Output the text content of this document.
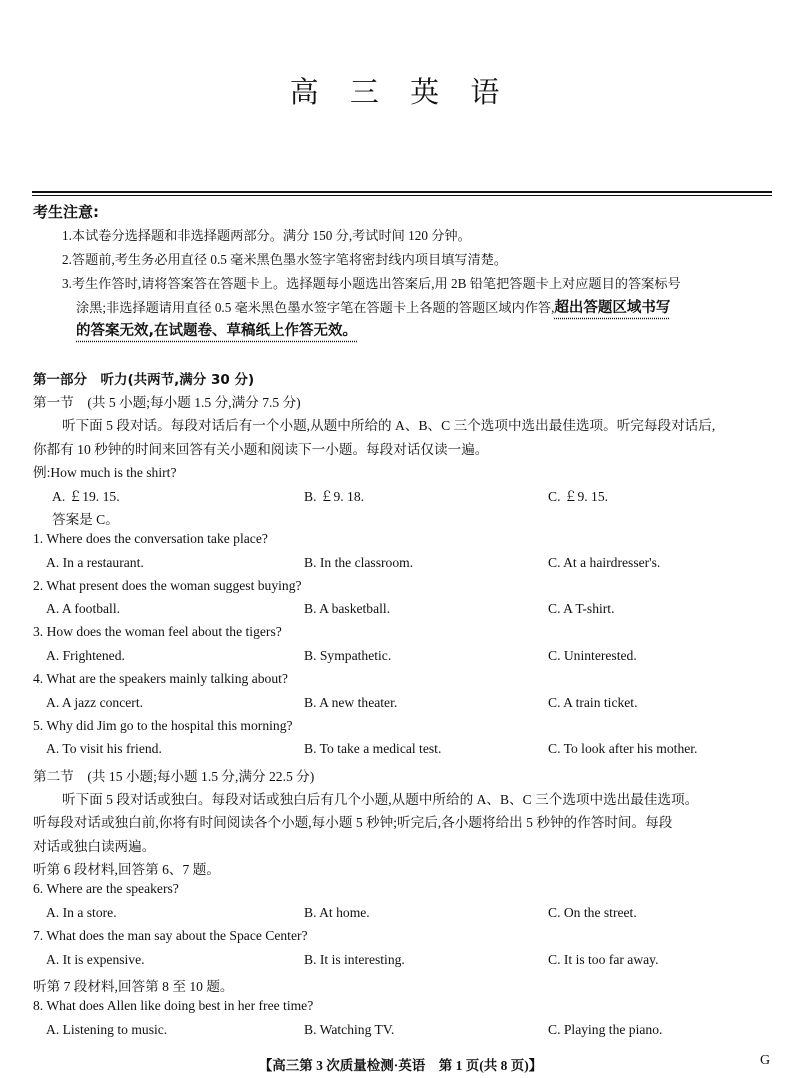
高 三 英 语
考生注意:
1.本试卷分选择题和非选择题两部分。满分 150 分,考试时间 120 分钟。
2.答题前,考生务必用直径 0.5 毫米黑色墨水签字笔将密封线内项目填写清楚。
3.考生作答时,请将答案答在答题卡上。选择题每小题选出答案后,用 2B 铅笔把答题卡上对应题目的答案标号
涂黑;非选择题请用直径 0.5 毫米黑色墨水签字笔在答题卡上各题的答题区域内作答,超出答题区域书写
的答案无效,在试题卷、草稿纸上作答无效。
第一部分　听力(共两节,满分 30 分)
第一节　(共 5 小题;每小题 1.5 分,满分 7.5 分)
听下面 5 段对话。每段对话后有一个小题,从题中所给的 A、B、C 三个选项中选出最佳选项。听完每段对话后,
你都有 10 秒钟的时间来回答有关小题和阅读下一小题。每段对话仅读一遍。
例:How much is the shirt?
A. ￡19. 15.	B. ￡9. 18.	C. ￡9. 15.
答案是 C。
1. Where does the conversation take place?
A. In a restaurant.	B. In the classroom.	C. At a hairdresser's.
2. What present does the woman suggest buying?
A. A football.	B. A basketball.	C. A T-shirt.
3. How does the woman feel about the tigers?
A. Frightened.	B. Sympathetic.	C. Uninterested.
4. What are the speakers mainly talking about?
A. A jazz concert.	B. A new theater.	C. A train ticket.
5. Why did Jim go to the hospital this morning?
A. To visit his friend.	B. To take a medical test.	C. To look after his mother.
第二节　(共 15 小题;每小题 1.5 分,满分 22.5 分)
听下面 5 段对话或独白。每段对话或独白后有几个小题,从题中所给的 A、B、C 三个选项中选出最佳选项。
听每段对话或独白前,你将有时间阅读各个小题,每小题 5 秒钟;听完后,各小题将给出 5 秒钟的作答时间。每段
对话或独白读两遍。
听第 6 段材料,回答第 6、7 题。
6. Where are the speakers?
A. In a store.	B. At home.	C. On the street.
7. What does the man say about the Space Center?
A. It is expensive.	B. It is interesting.	C. It is too far away.
听第 7 段材料,回答第 8 至 10 题。
8. What does Allen like doing best in her free time?
A. Listening to music.	B. Watching TV.	C. Playing the piano.
【高三第 3 次质量检测·英语　第 1 页(共 8 页)】	G
